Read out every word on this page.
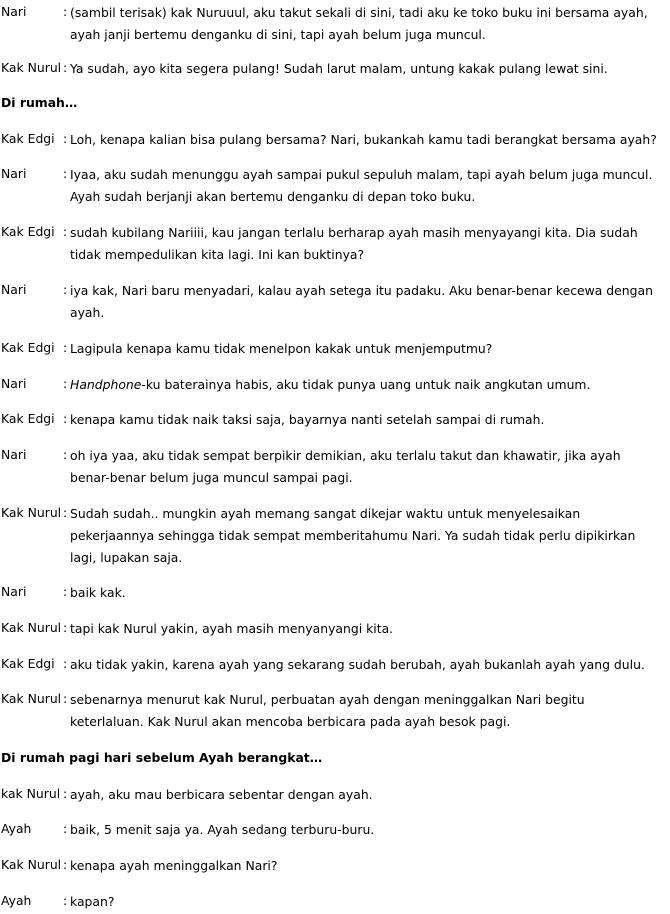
Nari	: (sambil terisak) kak Nuruuul, aku takut sekali di sini, tadi aku ke toko buku ini bersama ayah,
ayah janji bertemu denganku di sini, tapi ayah belum juga muncul.
Kak Nurul : Ya sudah, ayo kita segera pulang! Sudah larut malam, untung kakak pulang lewat sini.
Di rumah…
Kak Edgi : Loh, kenapa kalian bisa pulang bersama? Nari, bukankah kamu tadi berangkat bersama ayah?
Nari	: Iyaa, aku sudah menunggu ayah sampai pukul sepuluh malam, tapi ayah belum juga muncul.
Ayah sudah berjanji akan bertemu denganku di depan toko buku.
Kak Edgi : sudah kubilang Nariiii, kau jangan terlalu berharap ayah masih menyayangi kita. Dia sudah
tidak mempedulikan kita lagi. Ini kan buktinya?
Nari	: iya kak, Nari baru menyadari, kalau ayah setega itu padaku. Aku benar-benar kecewa dengan
ayah.
Kak Edgi : Lagipula kenapa kamu tidak menelpon kakak untuk menjemputmu?
Nari	: Handphone-ku baterainya habis, aku tidak punya uang untuk naik angkutan umum.
Kak Edgi : kenapa kamu tidak naik taksi saja, bayarnya nanti setelah sampai di rumah.
Nari	: oh iya yaa, aku tidak sempat berpikir demikian, aku terlalu takut dan khawatir, jika ayah
benar-benar belum juga muncul sampai pagi.
Kak Nurul : Sudah sudah.. mungkin ayah memang sangat dikejar waktu untuk menyelesaikan
pekerjaannya sehingga tidak sempat memberitahumu Nari. Ya sudah tidak perlu dipikirkan
lagi, lupakan saja.
Nari	: baik kak.
Kak Nurul : tapi kak Nurul yakin, ayah masih menyanyangi kita.
Kak Edgi : aku tidak yakin, karena ayah yang sekarang sudah berubah, ayah bukanlah ayah yang dulu.
Kak Nurul : sebenarnya menurut kak Nurul, perbuatan ayah dengan meninggalkan Nari begitu
keterlaluan. Kak Nurul akan mencoba berbicara pada ayah besok pagi.
Di rumah pagi hari sebelum Ayah berangkat…
kak Nurul : ayah, aku mau berbicara sebentar dengan ayah.
Ayah	: baik, 5 menit saja ya. Ayah sedang terburu-buru.
Kak Nurul : kenapa ayah meninggalkan Nari?
Ayah	: kapan?
